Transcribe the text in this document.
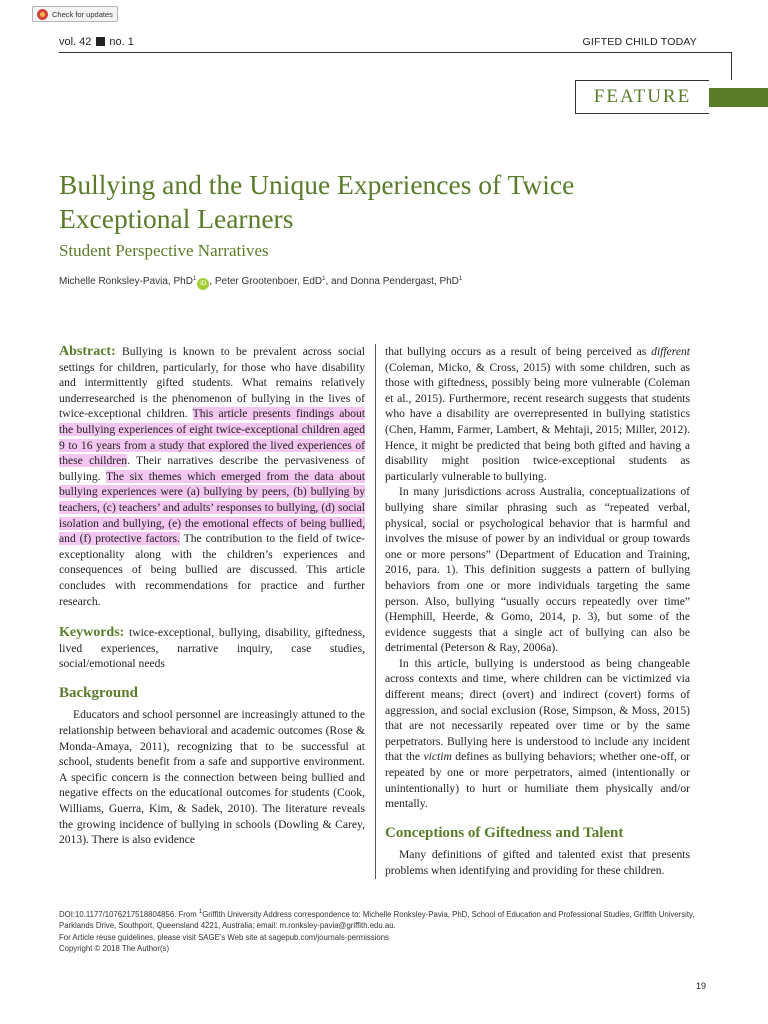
Check for updates
vol. 42 no. 1	GIFTED CHILD TODAY
FEATURE
Bullying and the Unique Experiences of Twice Exceptional Learners
Student Perspective Narratives
Michelle Ronksley-Pavia, PhD$^1$iD , Peter Grootenboer, EdD$^1$, and Donna Pendergast, PhD$^1$

Abstract: Bullying is known to be prevalent across social settings for children, particularly, for those who have disability and intermittently gifted students. What remains relatively underresearched is the phenomenon of bullying in the lives of twice-exceptional children. This article presents findings about the bullying experiences of eight twice-exceptional children aged 9 to 16 years from a study that explored the lived experiences of these children. Their narratives describe the pervasiveness of bullying. The six themes which emerged from the data about bullying experiences were (a) bullying by peers, (b) bullying by teachers, (c) teachers’ and adults’ responses to bullying, (d) social isolation and bullying, (e) the emotional effects of being bullied, and (f) protective factors. The contribution to the field of twice-exceptionality along with the children’s experiences and consequences of being bullied are discussed. This article concludes with recommendations for practice and further research.

Keywords: twice-exceptional, bullying, disability, giftedness, lived experiences, narrative inquiry, case studies, social/emotional needs

Background

Educators and school personnel are increasingly attuned to the relationship between behavioral and academic outcomes (Rose & Monda-Amaya, 2011), recognizing that to be successful at school, students benefit from a safe and supportive environment. A specific concern is the connection between being bullied and negative effects on the educational outcomes for students (Cook, Williams, Guerra, Kim, & Sadek, 2010). The literature reveals the growing incidence of bullying in schools (Dowling & Carey, 2013). There is also evidence

that bullying occurs as a result of being perceived as different (Coleman, Micko, & Cross, 2015) with some children, such as those with giftedness, possibly being more vulnerable (Coleman et al., 2015). Furthermore, recent research suggests that students who have a disability are overrepresented in bullying statistics (Chen, Hamm, Farmer, Lambert, & Mehtaji, 2015; Miller, 2012). Hence, it might be predicted that being both gifted and having a disability might position twice-exceptional students as particularly vulnerable to bullying.

In many jurisdictions across Australia, conceptualizations of bullying share similar phrasing such as “repeated verbal, physical, social or psychological behavior that is harmful and involves the misuse of power by an individual or group towards one or more persons” (Department of Education and Training, 2016, para. 1). This definition suggests a pattern of bullying behaviors from one or more individuals targeting the same person. Also, bullying “usually occurs repeatedly over time” (Hemphill, Heerde, & Gomo, 2014, p. 3), but some of the evidence suggests that a single act of bullying can also be detrimental (Peterson & Ray, 2006a).

In this article, bullying is understood as being changeable across contexts and time, where children can be victimized via different means; direct (overt) and indirect (covert) forms of aggression, and social exclusion (Rose, Simpson, & Moss, 2015) that are not necessarily repeated over time or by the same perpetrators. Bullying here is understood to include any incident that the victim defines as bullying behaviors; whether one-off, or repeated by one or more perpetrators, aimed (intentionally or unintentionally) to hurt or humiliate them physically and/or mentally.

Conceptions of Giftedness and Talent

Many definitions of gifted and talented exist that presents problems when identifying and providing for these children.

DOI:10.1177/1076217518804856. From $^1$Griffith University Address correspondence to: Michelle Ronksley-Pavia, PhD, School of Education and Professional Studies, Griffith University, Parklands Drive, Southport, Queensland 4221, Australia; email: m.ronksley-pavia@griffith.edu.au.
For Article reuse guidelines, please visit SAGE’s Web site at sagepub.com/journals-permissions
Copyright © 2018 The Author(s)
19
